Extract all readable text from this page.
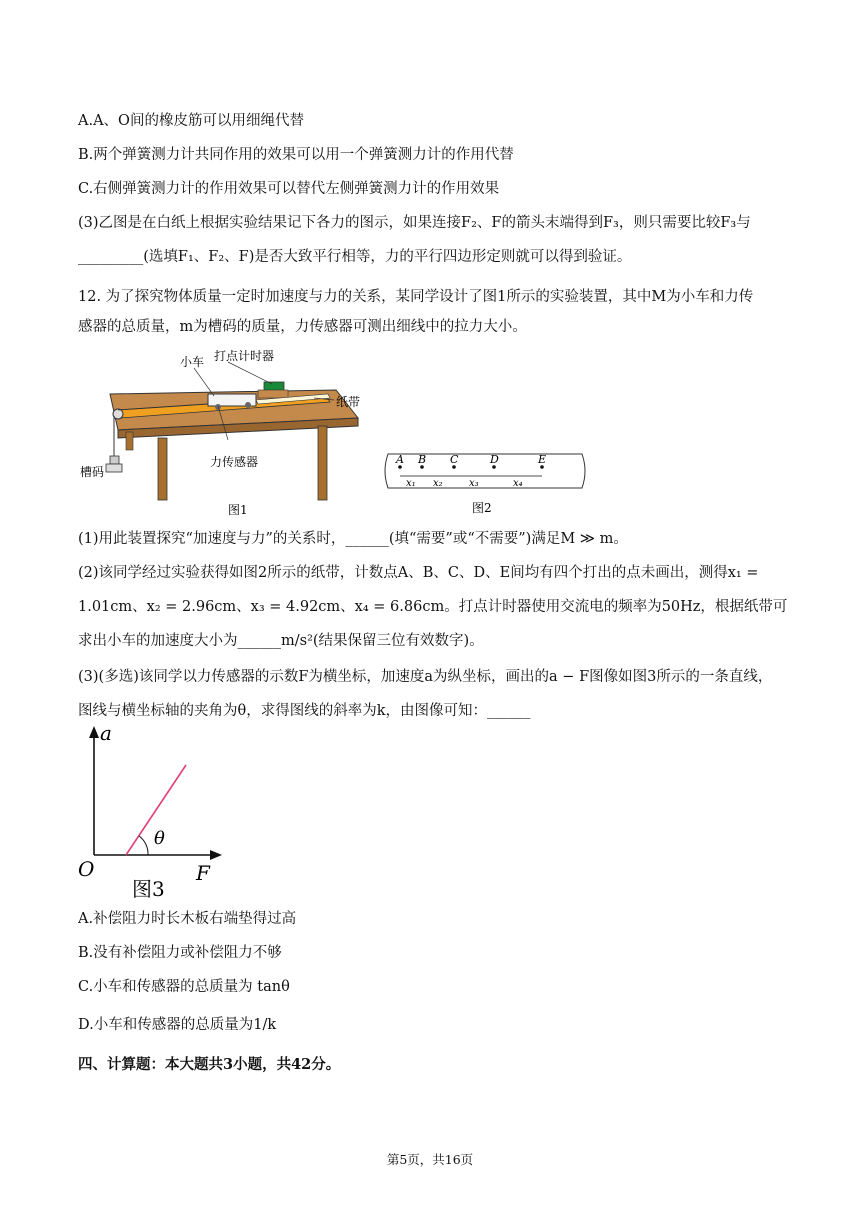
A.A、O间的橡皮筋可以用细绳代替
B.两个弹簧测力计共同作用的效果可以用一个弹簧测力计的作用代替
C.右侧弹簧测力计的作用效果可以替代左侧弹簧测力计的作用效果
(3)乙图是在白纸上根据实验结果记下各力的图示，如果连接F₂、F的箭头末端得到F₃，则只需要比较F₃与
_________(选填F₁、F₂、F)是否大致平行相等，力的平行四边形定则就可以得到验证。
12. 为了探究物体质量一定时加速度与力的关系，某同学设计了图1所示的实验装置，其中M为小车和力传
感器的总质量，m为槽码的质量，力传感器可测出细线中的拉力大小。
小车 打点计时器
纸带
槽码
力传感器
图1
A B C	D	E
x₁ x₂	x₃	x₄
图2
(1)用此装置探究“加速度与力”的关系时，______(填“需要”或“不需要”)满足M ≫ m。
(2)该同学经过实验获得如图2所示的纸带，计数点A、B、C、D、E间均有四个打出的点未画出，测得x₁ =
1.01cm、x₂ = 2.96cm、x₃ = 4.92cm、x₄ = 6.86cm。打点计时器使用交流电的频率为50Hz，根据纸带可
求出小车的加速度大小为______m/s²(结果保留三位有效数字)。
(3)(多选)该同学以力传感器的示数F为横坐标，加速度a为纵坐标，画出的a − F图像如图3所示的一条直线，
图线与横坐标轴的夹角为θ，求得图线的斜率为k，由图像可知：______
a
F
O
θ
图3
A.补偿阻力时长木板右端垫得过高
B.没有补偿阻力或补偿阻力不够
C.小车和传感器的总质量为 tanθ
D.小车和传感器的总质量为1/k
四、计算题：本大题共3小题，共42分。
第5页，共16页
